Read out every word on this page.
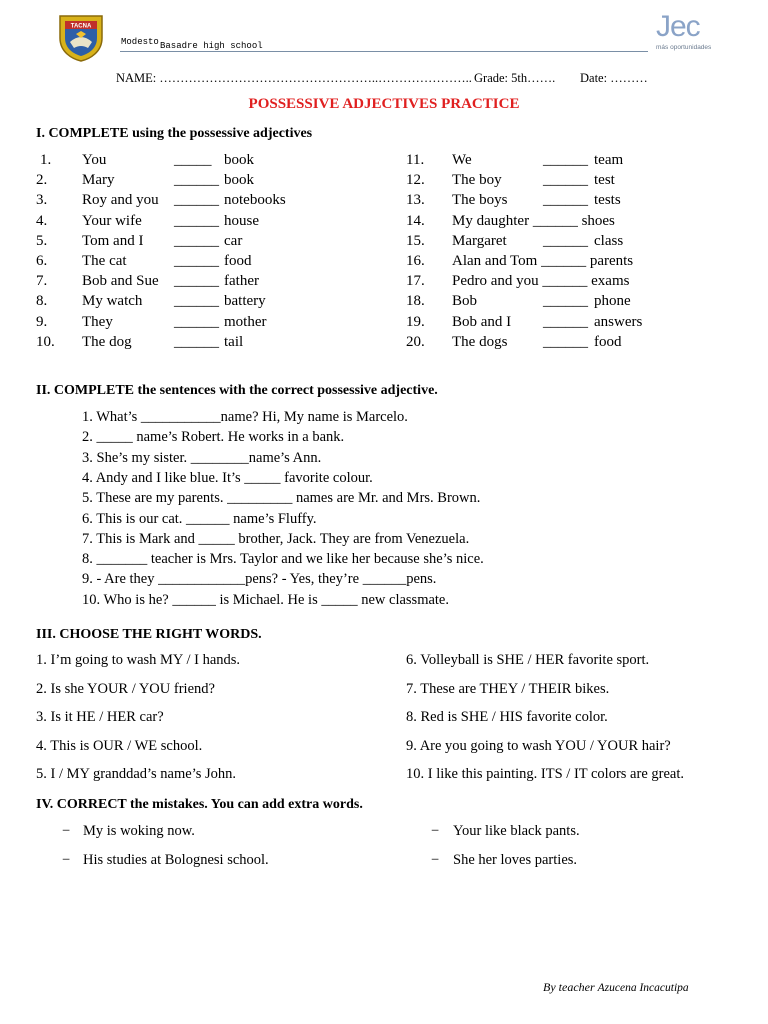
TACNA
Modesto Basadre high school
Jec
más oportunidades
NAME: ……………………………………………..………………….. Grade: 5th……. Date: ………
POSSESSIVE ADJECTIVES PRACTICE
I. COMPLETE using the possessive adjectives
1. You	_____ book
2. Mary	______ book
3. Roy and you ______ notebooks
4. Your wife ______ house
5. Tom and I ______ car
6. The cat	______ food
7. Bob and Sue ______ father
8. My watch ______ battery
9. They	______ mother
10. The dog	______ tail
11. We	______ team
12. The boy	______ test
13. The boys ______ tests
14. My daughter ______ shoes
15. Margaret ______ class
16. Alan and Tom ______ parents
17. Pedro and you ______ exams
18. Bob	______ phone
19. Bob and I ______ answers
20. The dogs ______ food
II. COMPLETE the sentences with the correct possessive adjective.
1. What’s ___________name? Hi, My name is Marcelo.
2. _____ name’s Robert. He works in a bank.
3. She’s my sister. ________name’s Ann.
4. Andy and I like blue. It’s _____ favorite colour.
5. These are my parents. _________ names are Mr. and Mrs. Brown.
6. This is our cat. ______ name’s Fluffy.
7. This is Mark and _____ brother, Jack. They are from Venezuela.
8. _______ teacher is Mrs. Taylor and we like her because she’s nice.
9. - Are they ____________pens? - Yes, they’re ______pens.
10. Who is he? ______ is Michael. He is _____ new classmate.
III. CHOOSE THE RIGHT WORDS.
1. I’m going to wash MY / I hands.
2. Is she YOUR / YOU friend?
3. Is it HE / HER car?
4. This is OUR / WE school.
5. I / MY granddad’s name’s John.
6. Volleyball is SHE / HER favorite sport.
7. These are THEY / THEIR bikes.
8. Red is SHE / HIS favorite color.
9. Are you going to wash YOU / YOUR hair?
10. I like this painting. ITS / IT colors are great.
IV. CORRECT the mistakes. You can add extra words.
− My is woking now.
− His studies at Bolognesi school.
− Your like black pants.
− She her loves parties.
By teacher Azucena Incacutipa
